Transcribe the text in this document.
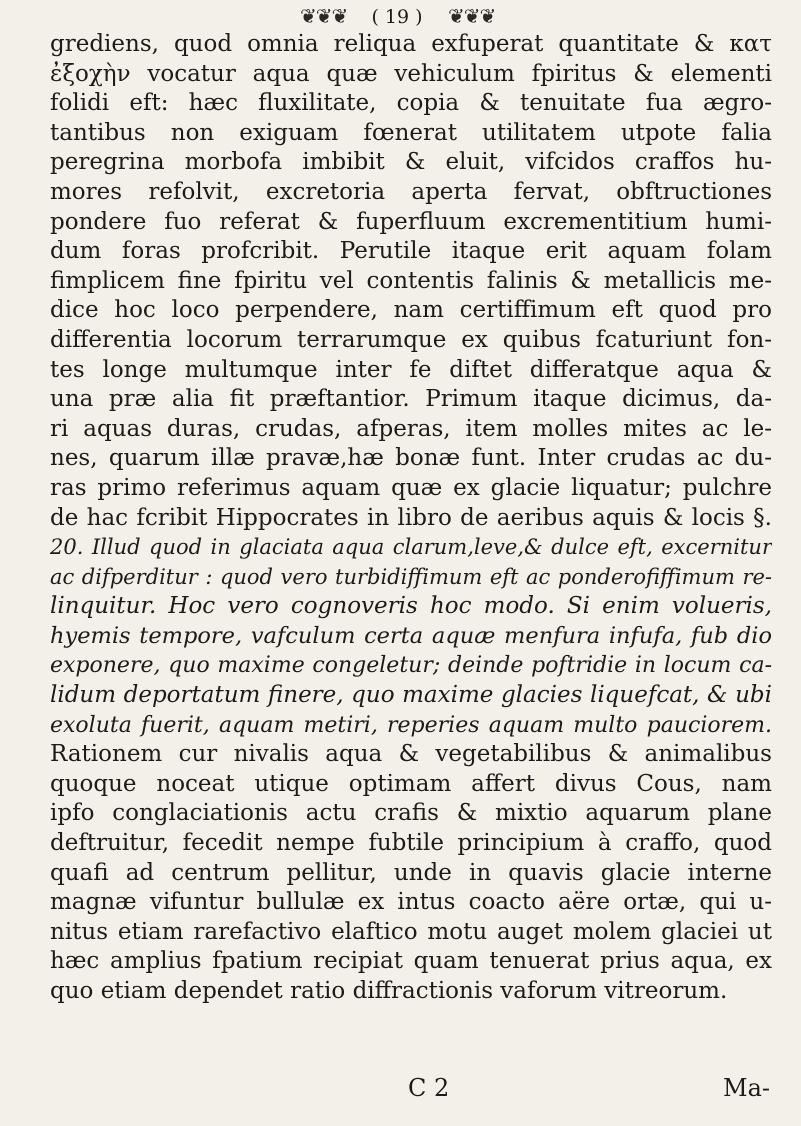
❦❦❦	( 19 )	❦❦❦
grediens, quod omnia reliqua exfuperat quantitate & κατ
ἐξοχὴν vocatur aqua quæ vehiculum fpiritus & elementi
folidi eft: hæc fluxilitate, copia & tenuitate fua ægro-
tantibus non exiguam fœnerat utilitatem utpote falia
peregrina morbofa imbibit & eluit, vifcidos craffos hu-
mores refolvit, excretoria aperta fervat, obftructiones
pondere fuo referat & fuperfluum excrementitium humi-
dum foras profcribit. Perutile itaque erit aquam folam
fimplicem fine fpiritu vel contentis falinis & metallicis me-
dice hoc loco perpendere, nam certiffimum eft quod pro
differentia locorum terrarumque ex quibus fcaturiunt fon-
tes longe multumque inter fe diftet differatque aqua &
una præ alia fit præftantior. Primum itaque dicimus, da-
ri aquas duras, crudas, afperas, item molles mites ac le-
nes, quarum illæ pravæ,hæ bonæ funt. Inter crudas ac du-
ras primo referimus aquam quæ ex glacie liquatur; pulchre
de hac fcribit Hippocrates in libro de aeribus aquis & locis §.
20. Illud quod in glaciata aqua clarum,leve,& dulce eft, excernitur
ac difperditur : quod vero turbidiffimum eft ac ponderofiffimum re-
linquitur. Hoc vero cognoveris hoc modo. Si enim volueris,
hyemis tempore, vafculum certa aquæ menfura infufa, fub dio
exponere, quo maxime congeletur; deinde poftridie in locum ca-
lidum deportatum finere, quo maxime glacies liquefcat, & ubi
exoluta fuerit, aquam metiri, reperies aquam multo pauciorem.
Rationem cur nivalis aqua & vegetabilibus & animalibus
quoque noceat utique optimam affert divus Cous, nam
ipfo conglaciationis actu crafis & mixtio aquarum plane
deftruitur, fecedit nempe fubtile principium à craffo, quod
quafi ad centrum pellitur, unde in quavis glacie interne
magnæ vifuntur bullulæ ex intus coacto aëre ortæ, qui u-
nitus etiam rarefactivo elaftico motu auget molem glaciei ut
hæc amplius fpatium recipiat quam tenuerat prius aqua, ex
quo etiam dependet ratio diffractionis vaforum vitreorum.
C 2	Ma-
